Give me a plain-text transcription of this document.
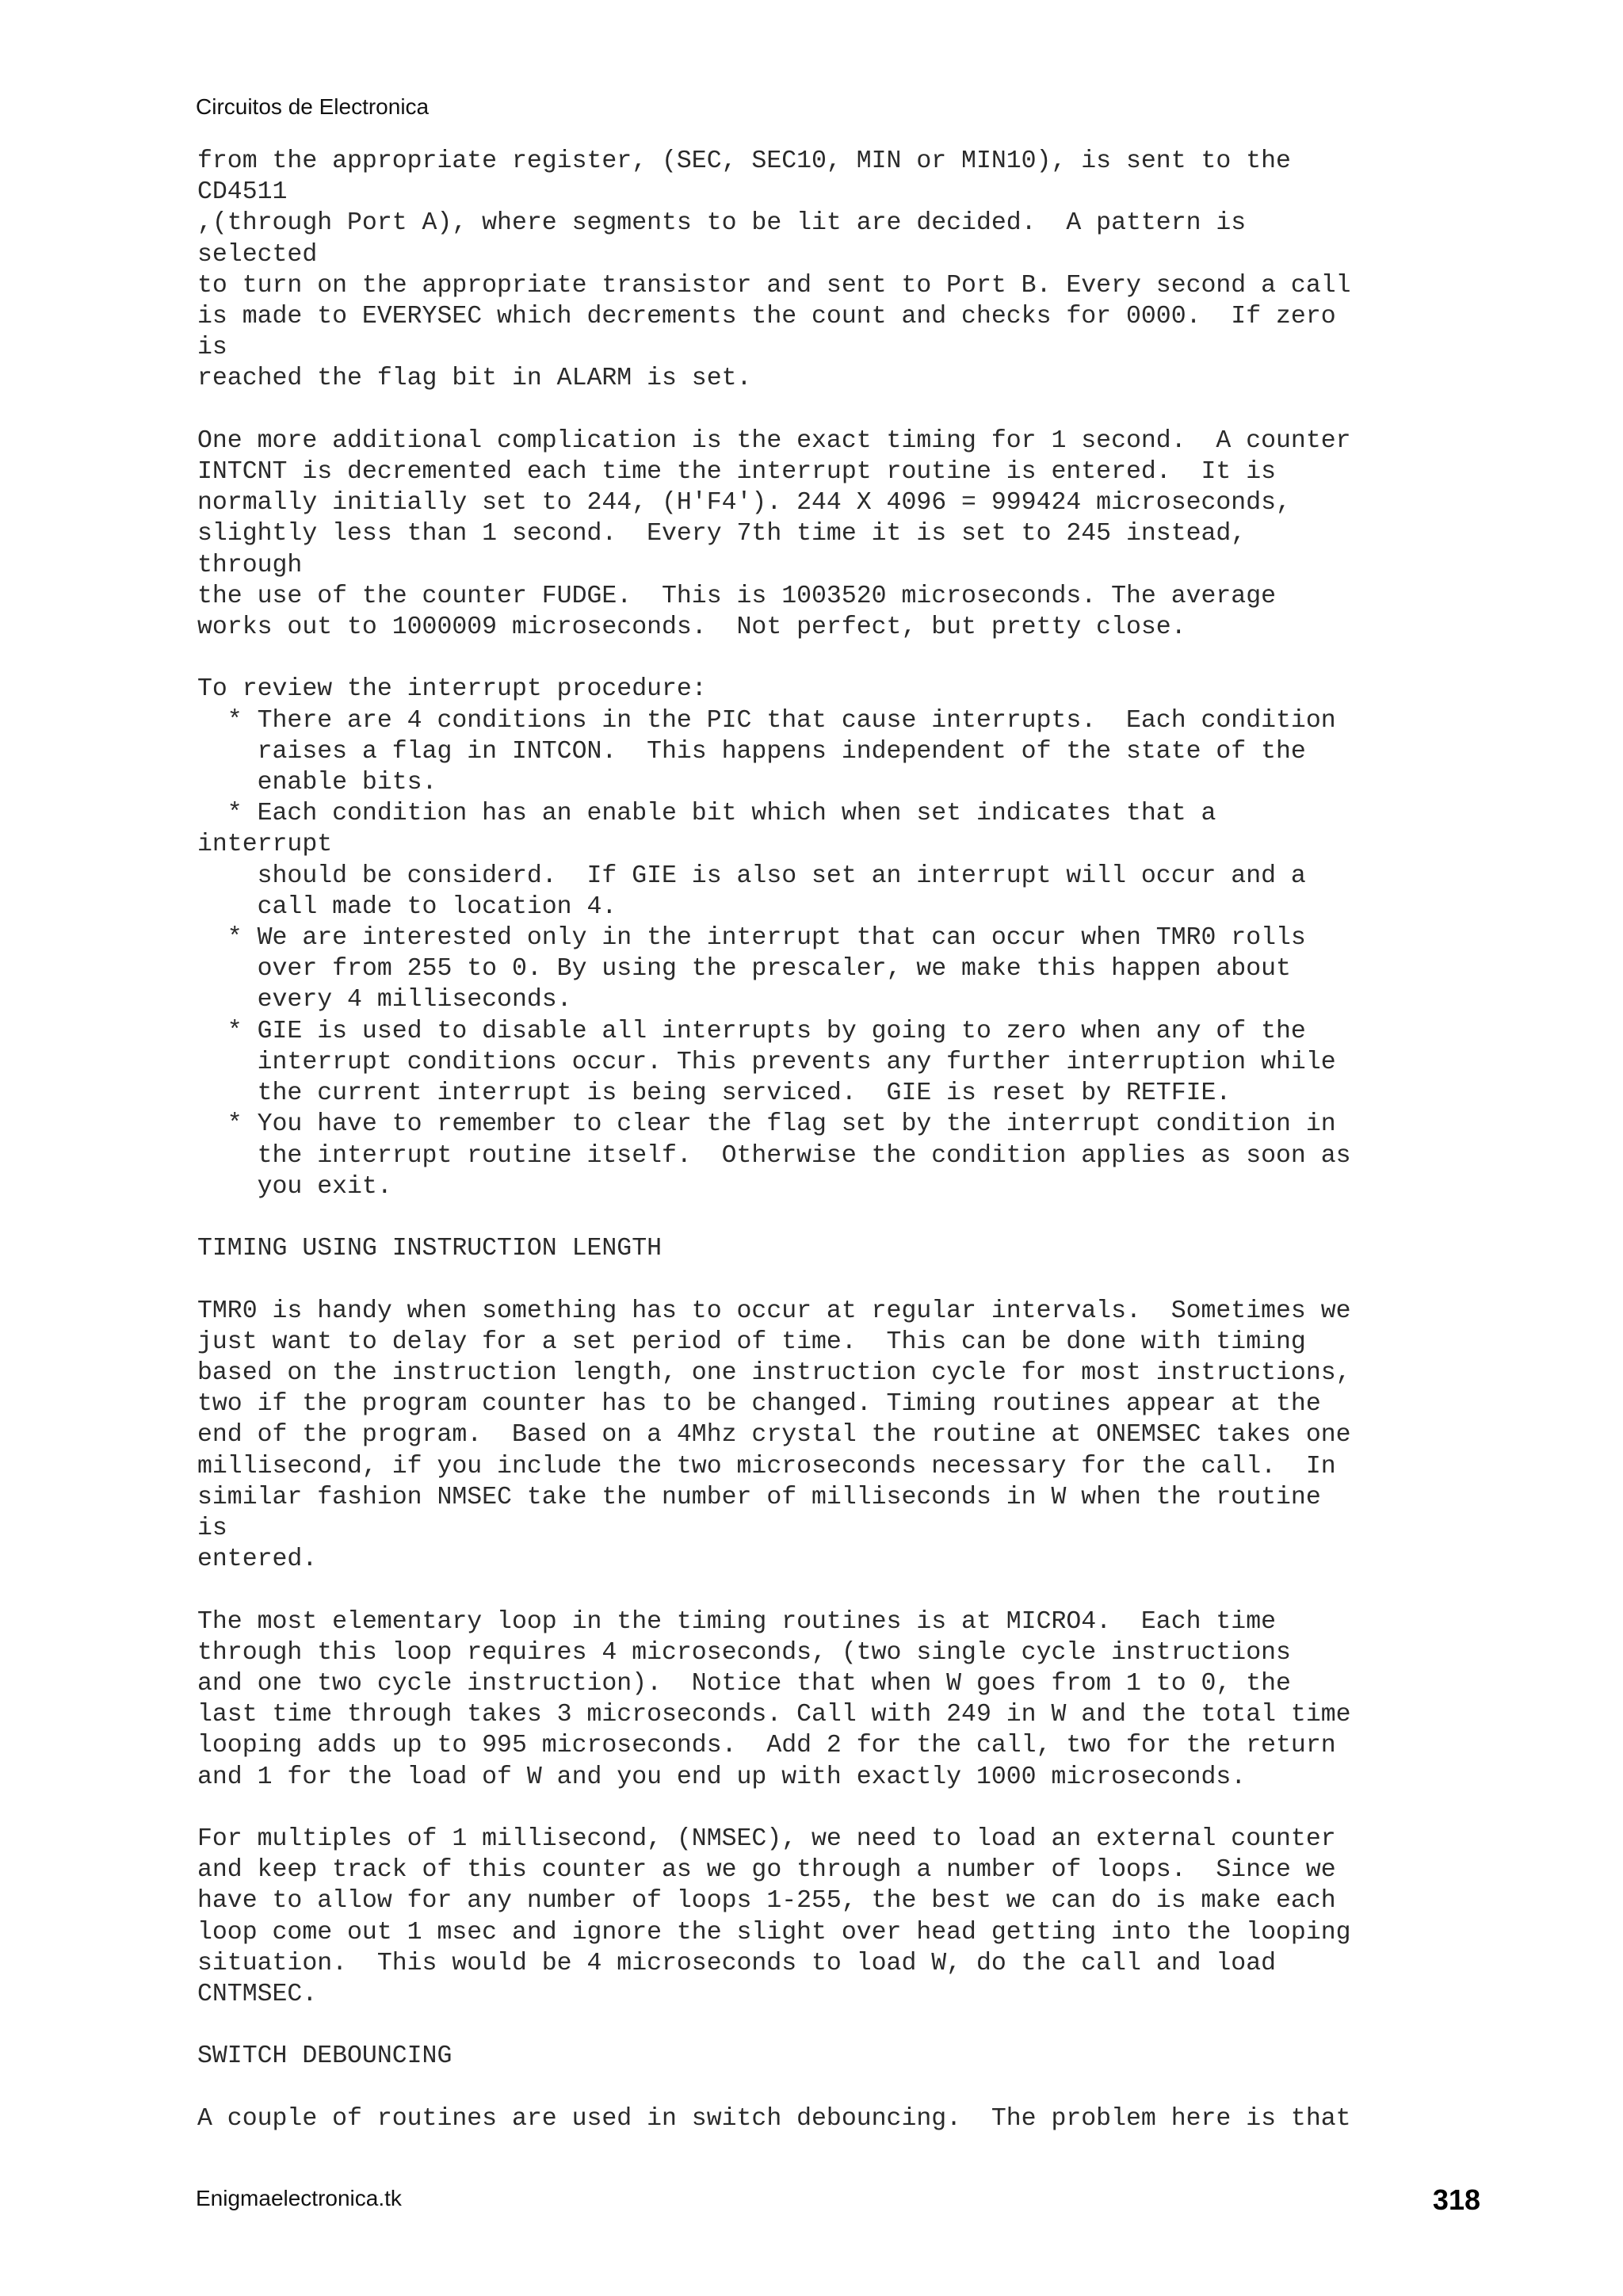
Circuitos de Electronica
from the appropriate register, (SEC, SEC10, MIN or MIN10), is sent to the
CD4511
,(through Port A), where segments to be lit are decided.  A pattern is
selected
to turn on the appropriate transistor and sent to Port B. Every second a call
is made to EVERYSEC which decrements the count and checks for 0000.  If zero
is
reached the flag bit in ALARM is set.

One more additional complication is the exact timing for 1 second.  A counter
INTCNT is decremented each time the interrupt routine is entered.  It is
normally initially set to 244, (H'F4'). 244 X 4096 = 999424 microseconds,
slightly less than 1 second.  Every 7th time it is set to 245 instead,
through
the use of the counter FUDGE.  This is 1003520 microseconds. The average
works out to 1000009 microseconds.  Not perfect, but pretty close.

To review the interrupt procedure:
* There are 4 conditions in the PIC that cause interrupts.  Each condition
raises a flag in INTCON.  This happens independent of the state of the
enable bits.
* Each condition has an enable bit which when set indicates that a
interrupt
should be considerd.  If GIE is also set an interrupt will occur and a
call made to location 4.
* We are interested only in the interrupt that can occur when TMR0 rolls
over from 255 to 0. By using the prescaler, we make this happen about
every 4 milliseconds.
* GIE is used to disable all interrupts by going to zero when any of the
interrupt conditions occur. This prevents any further interruption while
the current interrupt is being serviced.  GIE is reset by RETFIE.
* You have to remember to clear the flag set by the interrupt condition in
the interrupt routine itself.  Otherwise the condition applies as soon as
you exit.

TIMING USING INSTRUCTION LENGTH

TMR0 is handy when something has to occur at regular intervals.  Sometimes we
just want to delay for a set period of time.  This can be done with timing
based on the instruction length, one instruction cycle for most instructions,
two if the program counter has to be changed. Timing routines appear at the
end of the program.  Based on a 4Mhz crystal the routine at ONEMSEC takes one
millisecond, if you include the two microseconds necessary for the call.  In
similar fashion NMSEC take the number of milliseconds in W when the routine
is
entered.

The most elementary loop in the timing routines is at MICRO4.  Each time
through this loop requires 4 microseconds, (two single cycle instructions
and one two cycle instruction).  Notice that when W goes from 1 to 0, the
last time through takes 3 microseconds. Call with 249 in W and the total time
looping adds up to 995 microseconds.  Add 2 for the call, two for the return
and 1 for the load of W and you end up with exactly 1000 microseconds.

For multiples of 1 millisecond, (NMSEC), we need to load an external counter
and keep track of this counter as we go through a number of loops.  Since we
have to allow for any number of loops 1-255, the best we can do is make each
loop come out 1 msec and ignore the slight over head getting into the looping
situation.  This would be 4 microseconds to load W, do the call and load
CNTMSEC.

SWITCH DEBOUNCING

A couple of routines are used in switch debouncing.  The problem here is that

Enigmaelectronica.tk	318
